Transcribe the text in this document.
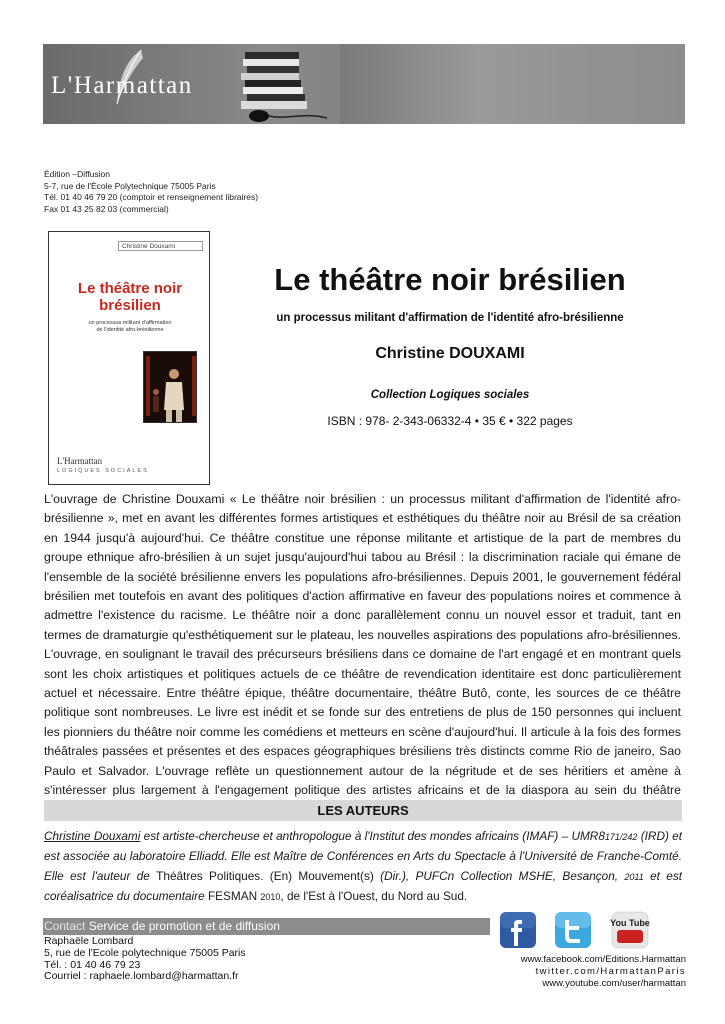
L'Harmattan
Édition –Diffusion
5-7, rue de l'École Polytechnique 75005 Paris
Tél. 01 40 46 79 20 (comptoir et renseignement libraires)
Fax 01 43 25 82 03 (commercial)
Christine Douxami
Le théâtre noir
brésilien
un processus militant d'affirmation
de l'identité afro-brésilienne
L'Harmattan
LOGIQUES SOCIALES
Le théâtre noir brésilien
un processus militant d'affirmation de l'identité afro-brésilienne
Christine DOUXAMI
Collection Logiques sociales
ISBN : 978- 2-343-06332-4 • 35 € • 322 pages
L'ouvrage de Christine Douxami « Le théâtre noir brésilien : un processus militant d'affirmation de l'identité afro-brésilienne », met en avant les différentes formes artistiques et esthétiques du théâtre noir au Brésil de sa création en 1944 jusqu'à aujourd'hui. Ce théâtre constitue une réponse militante et artistique de la part de membres du groupe ethnique afro-brésilien à un sujet jusqu'aujourd'hui tabou au Brésil : la discrimination raciale qui émane de l'ensemble de la société brésilienne envers les populations afro-brésiliennes. Depuis 2001, le gouvernement fédéral brésilien met toutefois en avant des politiques d'action affirmative en faveur des populations noires et commence à admettre l'existence du racisme. Le théâtre noir a donc parallèlement connu un nouvel essor et traduit, tant en termes de dramaturgie qu'esthétiquement sur le plateau, les nouvelles aspirations des populations afro-brésiliennes. L'ouvrage, en soulignant le travail des précurseurs brésiliens dans ce domaine de l'art engagé et en montrant quels sont les choix artistiques et politiques actuels de ce théâtre de revendication identitaire est donc particulièrement actuel et nécessaire. Entre théâtre épique, théâtre documentaire, théâtre Butô, conte, les sources de ce théâtre politique sont nombreuses. Le livre est inédit et se fonde sur des entretiens de plus de 150 personnes qui incluent les pionniers du théâtre noir comme les comédiens et metteurs en scène d'aujourd'hui. Il articule à la fois des formes théâtrales passées et présentes et des espaces géographiques brésiliens très distincts comme Rio de janeiro, Sao Paulo et Salvador. L'ouvrage reflète un questionnement autour de la négritude et de ses héritiers et amène à s'intéresser plus largement à l'engagement politique des artistes africains et de la diaspora au sein du théâtre
LES AUTEURS
Christine Douxami est artiste-chercheuse et anthropologue à l'Institut des mondes africains (IMAF) – UMR8171/242 (IRD) et est associée au laboratoire Elliadd. Elle est Maître de Conférences en Arts du Spectacle à l'Université de Franche-Comté. Elle est l'auteur de Théâtres Politiques. (En) Mouvement(s) (Dir.), PUFCn Collection MSHE, Besançon, 2011 et est coréalisatrice du documentaire FESMAN 2010, de l'Est à l'Ouest, du Nord au Sud.
Contact Service de promotion et de diffusion
Raphaële Lombard
5, rue de l'Ecole polytechnique 75005 Paris
Tél. : 01 40 46 79 23
Courriel : raphaele.lombard@harmattan.fr
You Tube
www.facebook.com/Editions.Harmattan
twitter.com/HarmattanParis
www.youtube.com/user/harmattan
